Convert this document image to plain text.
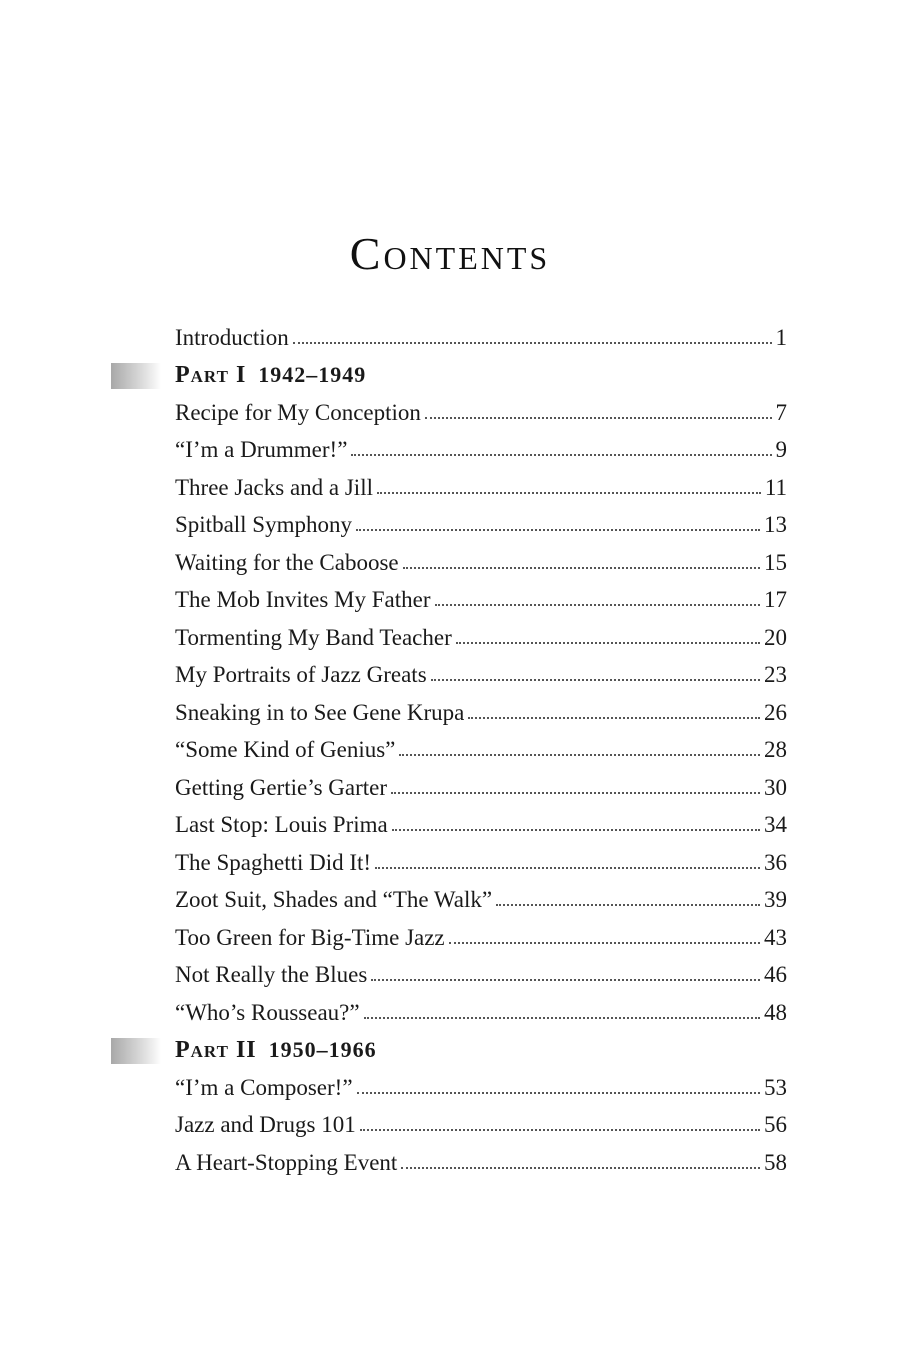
Contents
Introduction	1
Part I 1942–1949
Recipe for My Conception	7
“I’m a Drummer!”	9
Three Jacks and a Jill	11
Spitball Symphony	13
Waiting for the Caboose	15
The Mob Invites My Father	17
Tormenting My Band Teacher	20
My Portraits of Jazz Greats	23
Sneaking in to See Gene Krupa	26
“Some Kind of Genius”	28
Getting Gertie’s Garter	30
Last Stop: Louis Prima	34
The Spaghetti Did It!	36
Zoot Suit, Shades and “The Walk”	39
Too Green for Big-Time Jazz	43
Not Really the Blues	46
“Who’s Rousseau?”	48
Part II 1950–1966
“I’m a Composer!”	53
Jazz and Drugs 101	56
A Heart-Stopping Event	58
